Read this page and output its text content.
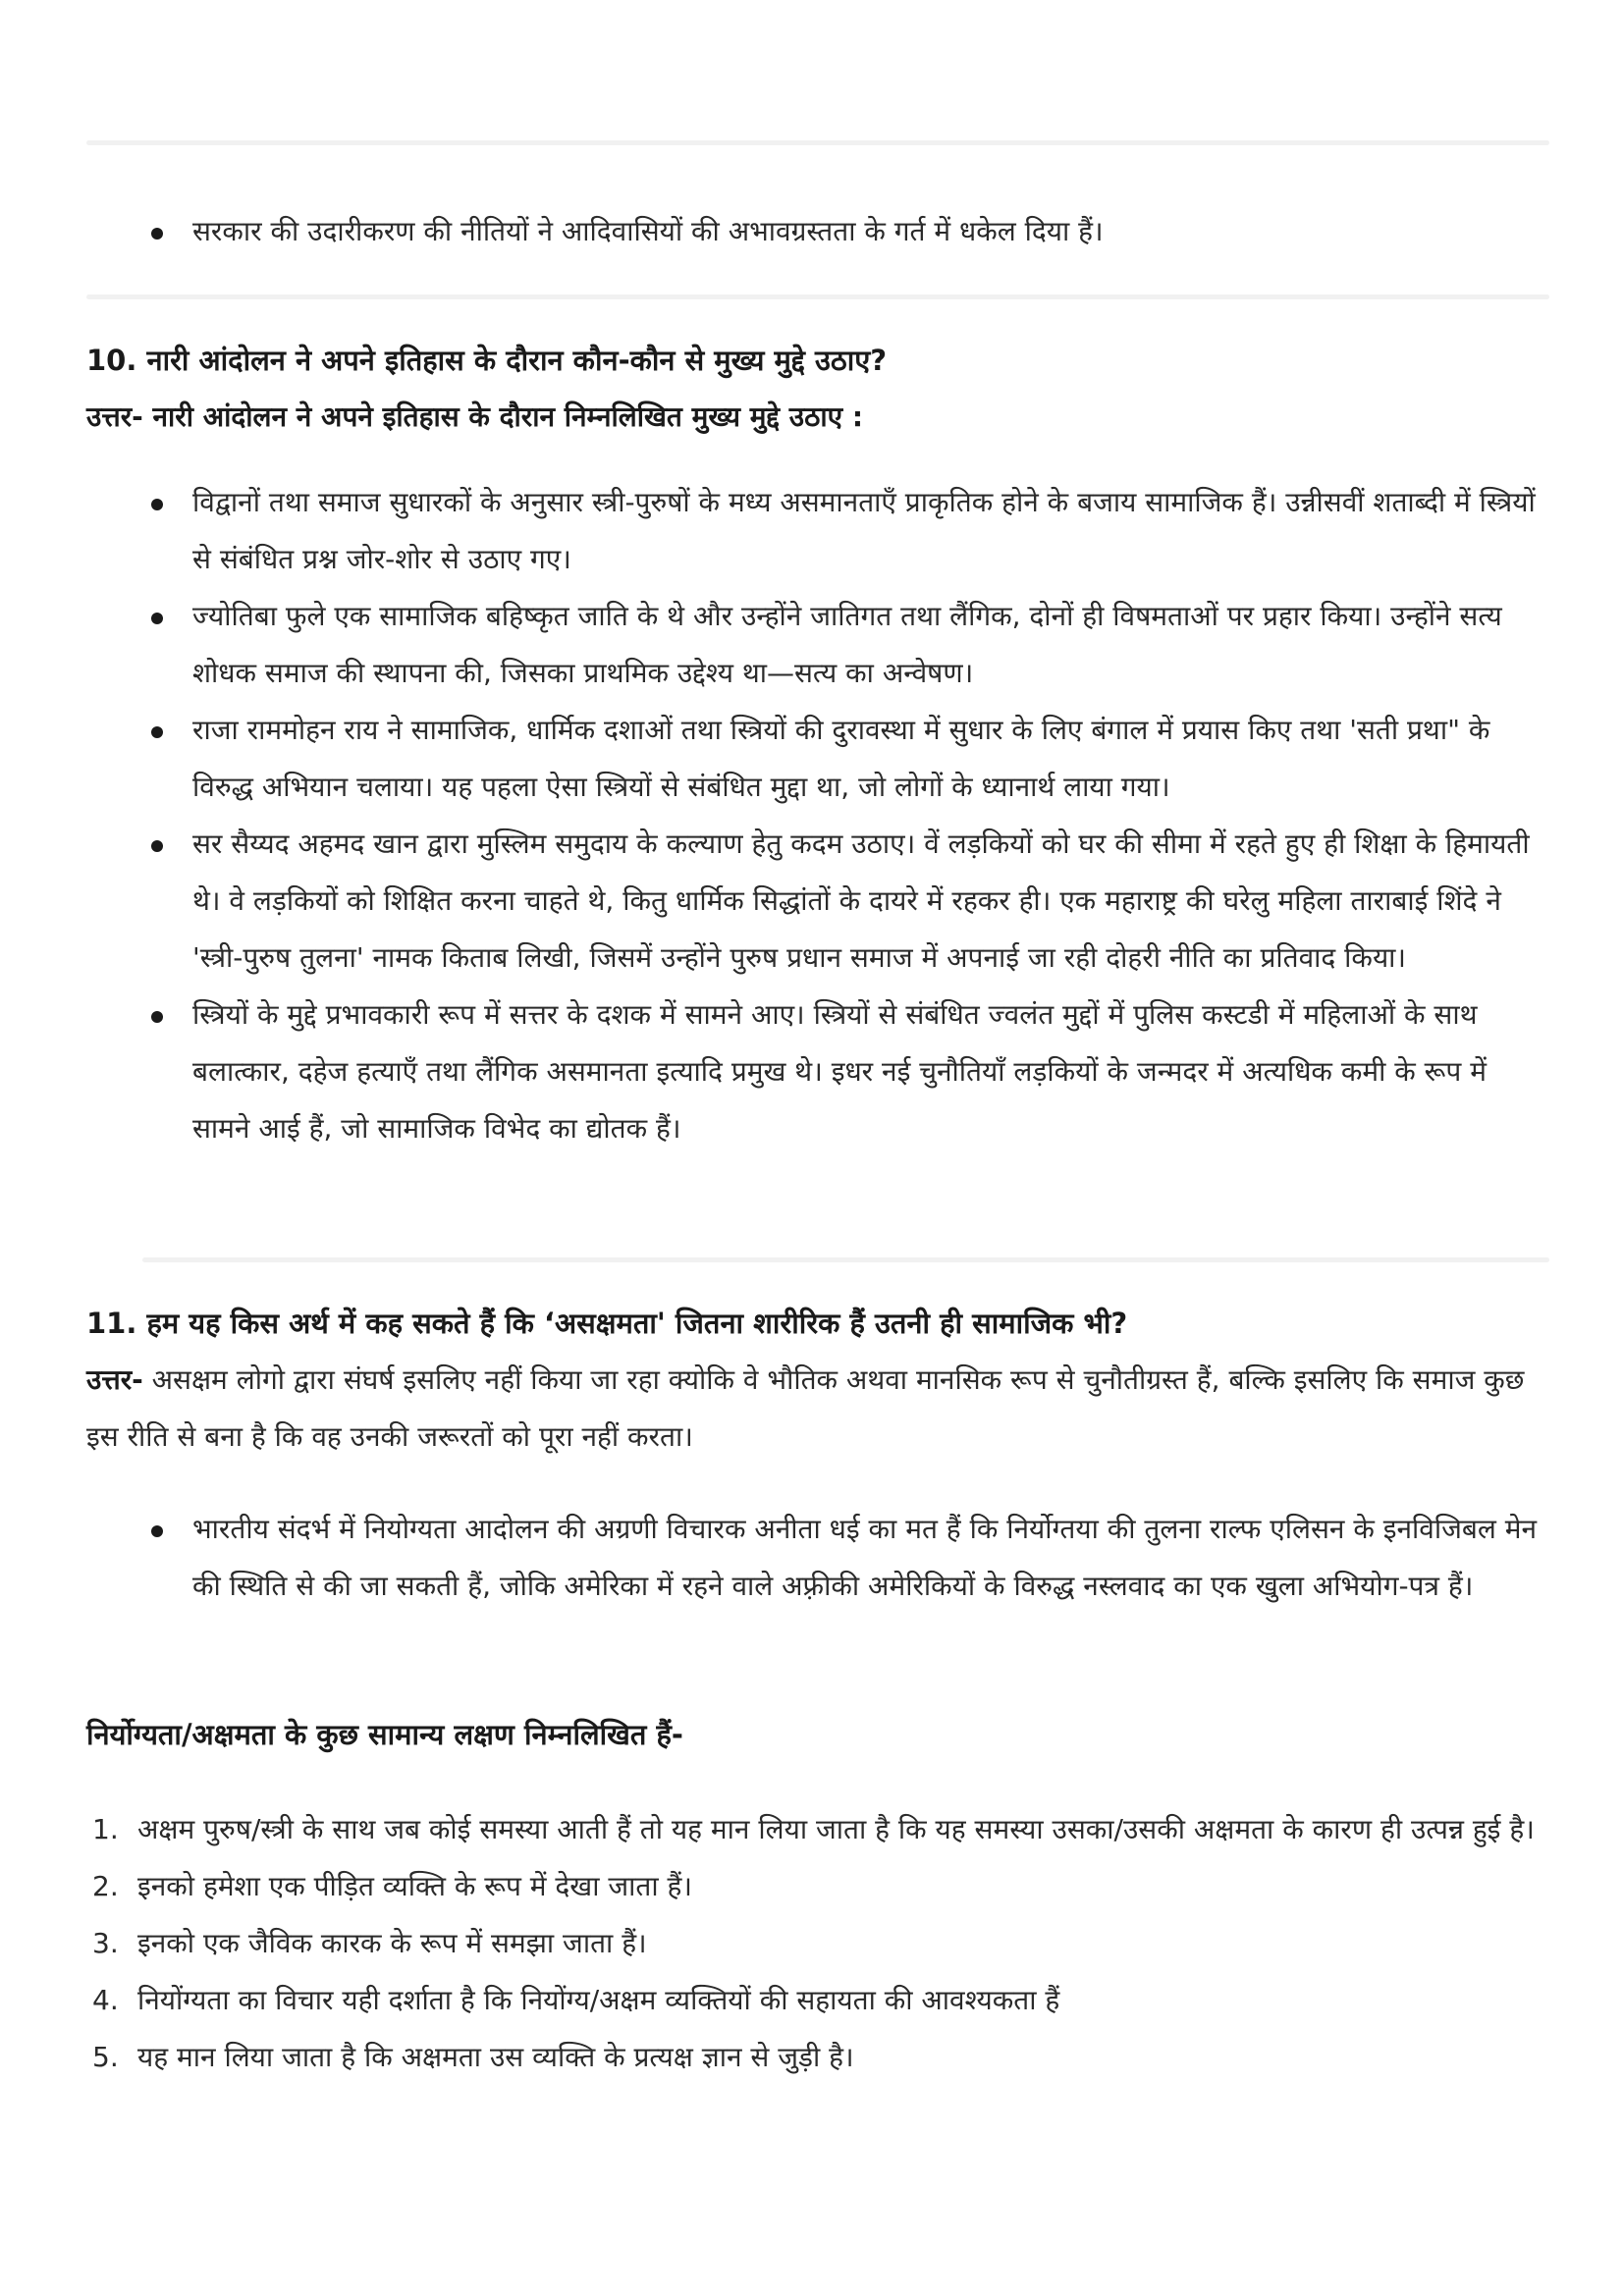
सरकार की उदारीकरण की नीतियों ने आदिवासियों की अभावग्रस्तता के गर्त में धकेल दिया हैं।
10. नारी आंदोलन ने अपने इतिहास के दौरान कौन-कौन से मुख्य मुद्दे उठाए?
उत्तर- नारी आंदोलन ने अपने इतिहास के दौरान निम्नलिखित मुख्य मुद्दे उठाए :
विद्वानों तथा समाज सुधारकों के अनुसार स्त्री-पुरुषों के मध्य असमानताएँ प्राकृतिक होने के बजाय सामाजिक हैं। उन्नीसवीं शताब्दी में स्त्रियों से संबंधित प्रश्न जोर-शोर से उठाए गए।
ज्योतिबा फुले एक सामाजिक बहिष्कृत जाति के थे और उन्होंने जातिगत तथा लैंगिक, दोनों ही विषमताओं पर प्रहार किया। उन्होंने सत्य शोधक समाज की स्थापना की, जिसका प्राथमिक उद्देश्य था—सत्य का अन्वेषण।
राजा राममोहन राय ने सामाजिक, धार्मिक दशाओं तथा स्त्रियों की दुरावस्था में सुधार के लिए बंगाल में प्रयास किए तथा 'सती प्रथा" के विरुद्ध अभियान चलाया। यह पहला ऐसा स्त्रियों से संबंधित मुद्दा था, जो लोगों के ध्यानार्थ लाया गया।
सर सैय्यद अहमद खान द्वारा मुस्लिम समुदाय के कल्याण हेतु कदम उठाए। वें लड़कियों को घर की सीमा में रहते हुए ही शिक्षा के हिमायती थे। वे लड़कियों को शिक्षित करना चाहते थे, कितु धार्मिक सिद्धांतों के दायरे में रहकर ही। एक महाराष्ट्र की घरेलु महिला ताराबाई शिंदे ने 'स्त्री-पुरुष तुलना' नामक किताब लिखी, जिसमें उन्होंने पुरुष प्रधान समाज में अपनाई जा रही दोहरी नीति का प्रतिवाद किया।
स्त्रियों के मुद्दे प्रभावकारी रूप में सत्तर के दशक में सामने आए। स्त्रियों से संबंधित ज्वलंत मुद्दों में पुलिस कस्टडी में महिलाओं के साथ बलात्कार, दहेज हत्याएँ तथा लैंगिक असमानता इत्यादि प्रमुख थे। इधर नई चुनौतियाँ लड़कियों के जन्मदर में अत्यधिक कमी के रूप में सामने आई हैं, जो सामाजिक विभेद का द्योतक हैं।
11. हम यह किस अर्थ में कह सकते हैं कि ‘असक्षमता' जितना शारीरिक हैं उतनी ही सामाजिक भी?
उत्तर- असक्षम लोगो द्वारा संघर्ष इसलिए नहीं किया जा रहा क्योकि वे भौतिक अथवा मानसिक रूप से चुनौतीग्रस्त हैं, बल्कि इसलिए कि समाज कुछ इस रीति से बना है कि वह उनकी जरूरतों को पूरा नहीं करता।
भारतीय संदर्भ में नियोग्यता आदोलन की अग्रणी विचारक अनीता धई का मत हैं कि निर्योग्तया की तुलना राल्फ एलिसन के इनविजिबल मेन की स्थिति से की जा सकती हैं, जोकि अमेरिका में रहने वाले अफ़्रीकी अमेरिकियों के विरुद्ध नस्लवाद का एक खुला अभियोग-पत्र हैं।
निर्योग्यता/अक्षमता के कुछ सामान्य लक्षण निम्नलिखित हैं-
1. अक्षम पुरुष/स्त्री के साथ जब कोई समस्या आती हैं तो यह मान लिया जाता है कि यह समस्या उसका/उसकी अक्षमता के कारण ही उत्पन्न हुई है।
2. इनको हमेशा एक पीड़ित व्यक्ति के रूप में देखा जाता हैं।
3. इनको एक जैविक कारक के रूप में समझा जाता हैं।
4. नियोंग्यता का विचार यही दर्शाता है कि नियोंग्य/अक्षम व्यक्तियों की सहायता की आवश्यकता हैं
5. यह मान लिया जाता है कि अक्षमता उस व्यक्ति के प्रत्यक्ष ज्ञान से जुड़ी है।
